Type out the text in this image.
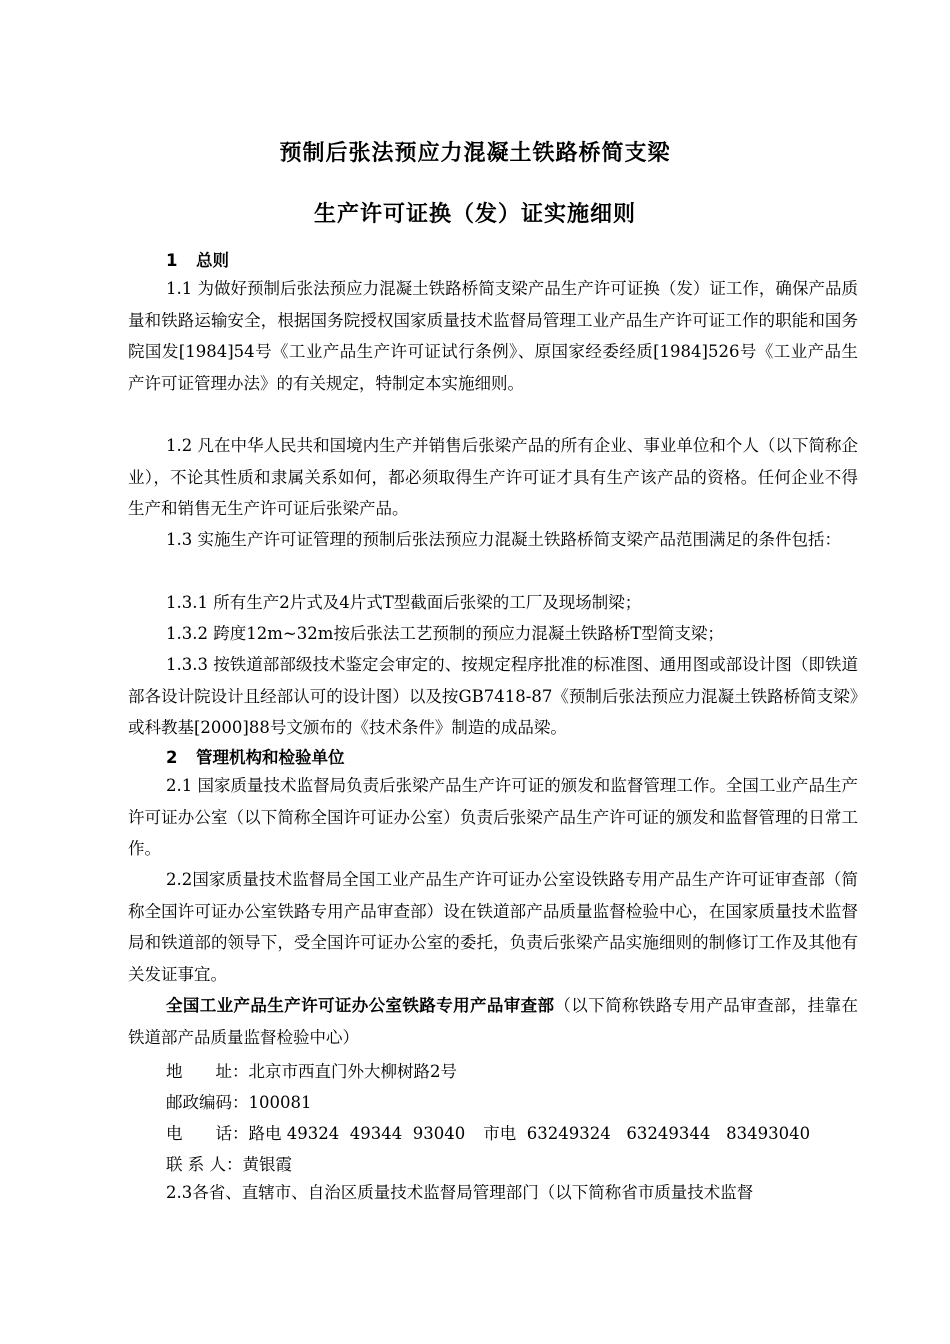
预制后张法预应力混凝土铁路桥简支梁
生产许可证换（发）证实施细则
1 总则
1.1 为做好预制后张法预应力混凝土铁路桥简支梁产品生产许可证换（发）证工作，确保产品质量和铁路运输安全，根据国务院授权国家质量技术监督局管理工业产品生产许可证工作的职能和国务院国发[1984]54号《工业产品生产许可证试行条例》、原国家经委经质[1984]526号《工业产品生产许可证管理办法》的有关规定，特制定本实施细则。
1.2 凡在中华人民共和国境内生产并销售后张梁产品的所有企业、事业单位和个人（以下简称企业），不论其性质和隶属关系如何，都必须取得生产许可证才具有生产该产品的资格。任何企业不得生产和销售无生产许可证后张梁产品。
1.3 实施生产许可证管理的预制后张法预应力混凝土铁路桥简支梁产品范围满足的条件包括：
1.3.1 所有生产2片式及4片式T型截面后张梁的工厂及现场制梁；
1.3.2 跨度12m~32m按后张法工艺预制的预应力混凝土铁路桥T型简支梁；
1.3.3 按铁道部部级技术鉴定会审定的、按规定程序批准的标准图、通用图或部设计图（即铁道部各设计院设计且经部认可的设计图）以及按GB7418-87《预制后张法预应力混凝土铁路桥简支梁》或科教基[2000]88号文颁布的《技术条件》制造的成品梁。
2 管理机构和检验单位
2.1 国家质量技术监督局负责后张梁产品生产许可证的颁发和监督管理工作。全国工业产品生产许可证办公室（以下简称全国许可证办公室）负责后张梁产品生产许可证的颁发和监督管理的日常工作。
2.2国家质量技术监督局全国工业产品生产许可证办公室设铁路专用产品生产许可证审查部（简称全国许可证办公室铁路专用产品审查部）设在铁道部产品质量监督检验中心，在国家质量技术监督局和铁道部的领导下，受全国许可证办公室的委托，负责后张梁产品实施细则的制修订工作及其他有关发证事宜。
全国工业产品生产许可证办公室铁路专用产品审查部（以下简称铁路专用产品审查部，挂靠在铁道部产品质量监督检验中心）
地　　址：北京市西直门外大柳树路2号
邮政编码：100081
电　　话：路电 49324  49344  93040 市电 63249324   63249344   83493040
联 系 人：黄银霞
2.3各省、直辖市、自治区质量技术监督局管理部门（以下简称省市质量技术监督
